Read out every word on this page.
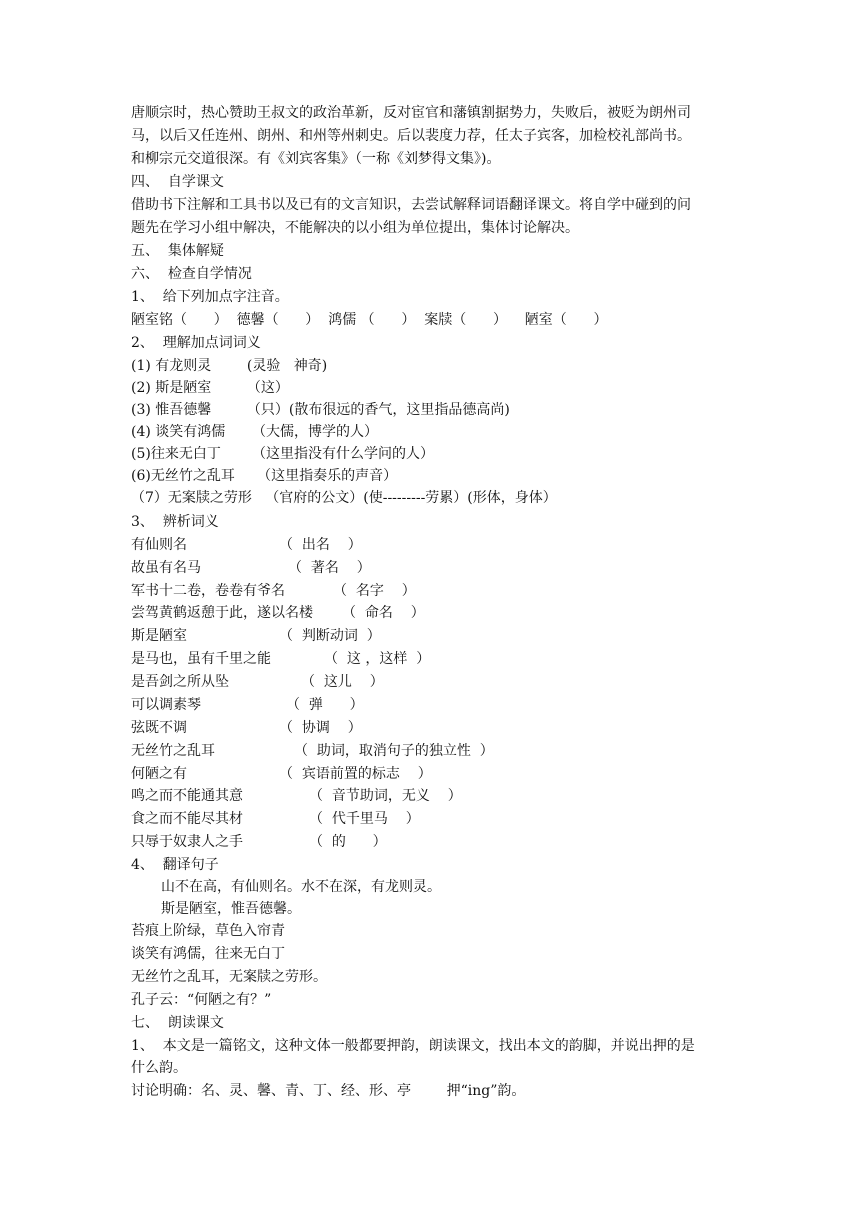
唐顺宗时，热心赞助王叔文的政治革新，反对宦官和藩镇割据势力，失败后，被贬为朗州司
马，以后又任连州、朗州、和州等州刺史。后以裴度力荐，任太子宾客，加检校礼部尚书。
和柳宗元交道很深。有《刘宾客集》（一称《刘梦得文集》)。
四、  自学课文
借助书下注解和工具书以及已有的文言知识，去尝试解释词语翻译课文。将自学中碰到的问
题先在学习小组中解决，不能解决的以小组为单位提出，集体讨论解决。
五、  集体解疑
六、  检查自学情况
1、  给下列加点字注音。
陋室铭（      ）  德馨（      ）  鸿儒 （      ）  案牍（      ）    陋室（      ）
2、  理解加点词词义
(1) 有龙则灵        (灵验   神奇)
(2) 斯是陋室        （这）
(3) 惟吾德馨        （只）(散布很远的香气，这里指品德高尚)
(4) 谈笑有鸿儒      （大儒，博学的人）
(5)往来无白丁       （这里指没有什么学问的人）
(6)无丝竹之乱耳     （这里指奏乐的声音）
（7）无案牍之劳形   （官府的公文）(使---------劳累）(形体，身体）
3、  辨析词义
有仙则名	（  出名    ）
故虽有名马	（  著名    ）
军书十二卷，卷卷有爷名	（  名字    ）
尝驾黄鹤返憩于此，遂以名楼 （  命名    ）
斯是陋室	（  判断动词  ）
是马也，虽有千里之能	（  这 ，这样  ）
是吾剑之所从坠	（  这儿    ）
可以调素琴	（  弹      ）
弦既不调	（  协调    ）
无丝竹之乱耳	（  助词，取消句子的独立性  ）
何陋之有	（  宾语前置的标志    ）
鸣之而不能通其意	（  音节助词，无义    ）
食之而不能尽其材	（  代千里马    ）
只辱于奴隶人之手	（  的      ）
4、  翻译句子
山不在高，有仙则名。水不在深，有龙则灵。
斯是陋室，惟吾德馨。
苔痕上阶绿，草色入帘青
谈笑有鸿儒，往来无白丁
无丝竹之乱耳，无案牍之劳形。
孔子云：“何陋之有？”
七、  朗读课文
1、  本文是一篇铭文，这种文体一般都要押韵，朗读课文，找出本文的韵脚，并说出押的是
什么韵。
讨论明确：名、灵、馨、青、丁、经、形、亭        押“ing”韵。
